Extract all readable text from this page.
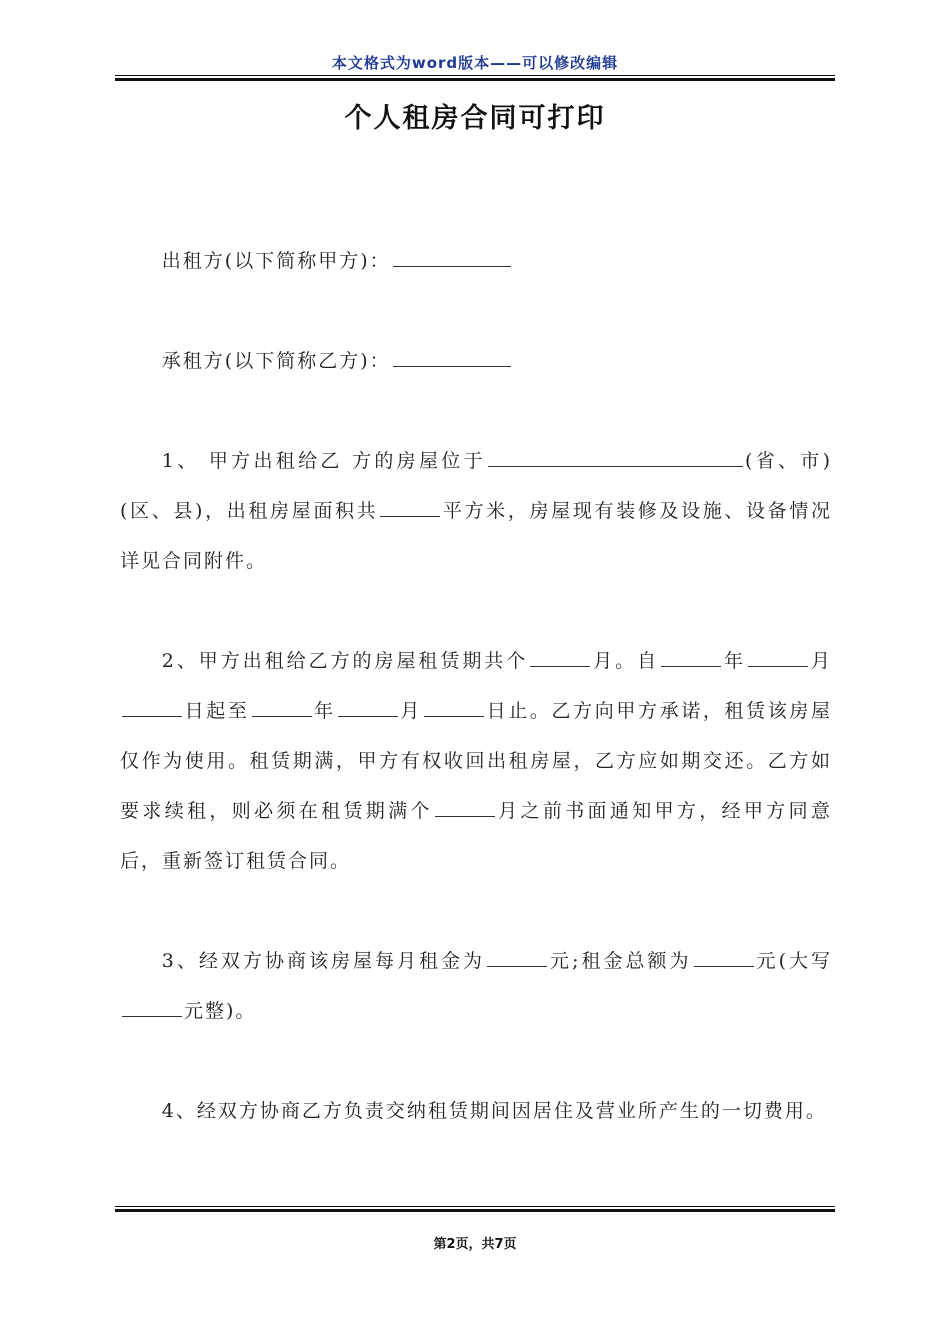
本文格式为word版本——可以修改编辑
个人租房合同可打印

出租方(以下简称甲方)：

承租方(以下简称乙方)：

1、 甲方出租给乙 方的房屋位于	(省、市)(区、县)，出租房屋面积共	平方米，房屋现有装修及设施、设备情况详见合同附件。

2、甲方出租给乙方的房屋租赁期共个	月。自	年	月日起至	年	月	日止。乙方向甲方承诺，租赁该房屋仅作为使用。租赁期满，甲方有权收回出租房屋，乙方应如期交还。乙方如要求续租，则必须在租赁期满个	月之前书面通知甲方，经甲方同意后，重新签订租赁合同。

3、经双方协商该房屋每月租金为	元;租金总额为	元(大写元整)。

4、经双方协商乙方负责交纳租赁期间因居住及营业所产生的一切费用。

第2页，共7页
